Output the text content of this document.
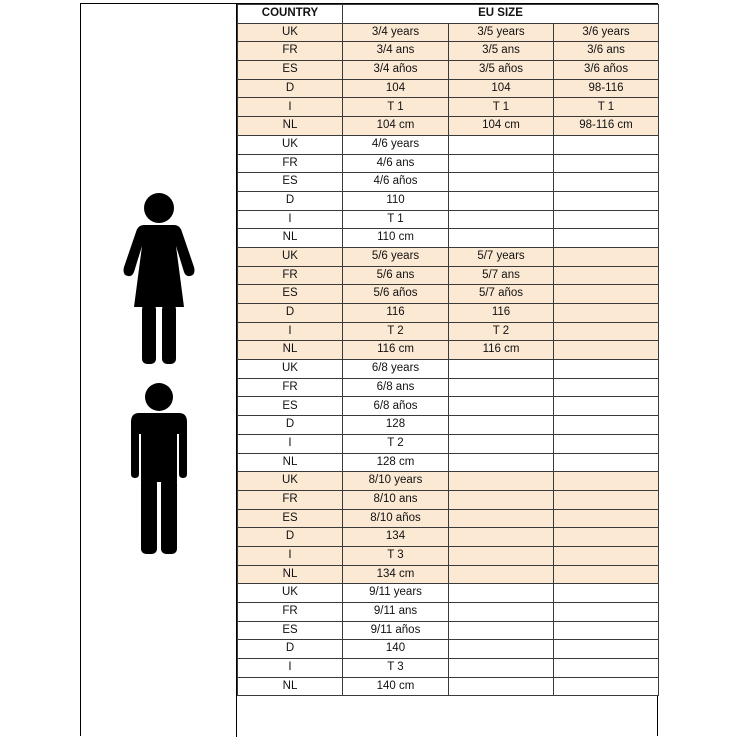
COUNTRY	EU SIZE		
UK	3/4 years	3/5 years	3/6 years
FR	3/4 ans	3/5 ans	3/6 ans
ES	3/4 años	3/5 años	3/6 años
D	104	104	98-116
I	T 1	T 1	T 1
NL	104 cm	104 cm	98-116 cm
UK	4/6 years		
FR	4/6 ans		
ES	4/6 años		
D	110		
I	T 1		
NL	110 cm		
UK	5/6 years	5/7 years	
FR	5/6 ans	5/7 ans	
ES	5/6 años	5/7 años	
D	116	116	
I	T 2	T 2	
NL	116 cm	116 cm	
UK	6/8 years		
FR	6/8 ans		
ES	6/8 años		
D	128		
I	T 2		
NL	128 cm		
UK	8/10 years		
FR	8/10 ans		
ES	8/10 años		
D	134		
I	T 3		
NL	134 cm		
UK	9/11 years		
FR	9/11 ans		
ES	9/11 años		
D	140		
I	T 3		
NL	140 cm		
